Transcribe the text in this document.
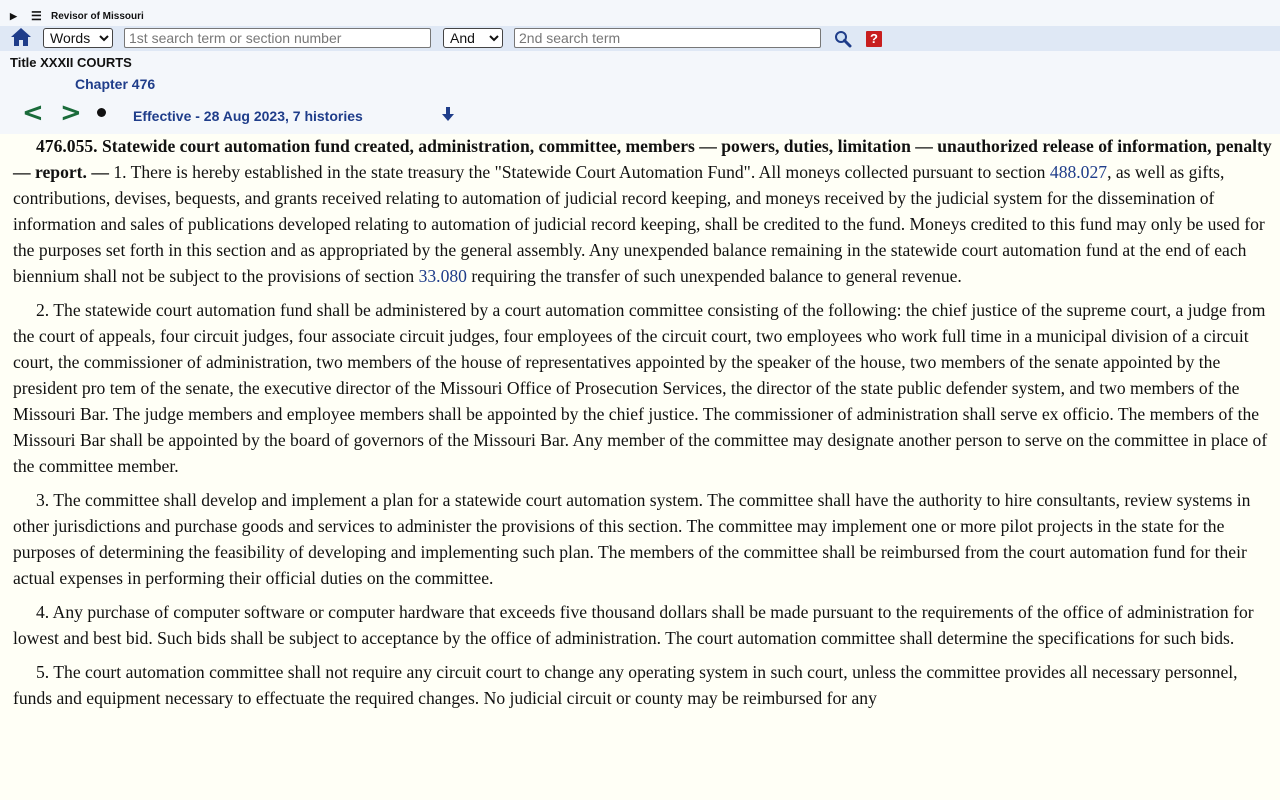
▶ ☰ Revisor of Missouri
Words
1st search term or section number
And
2nd search term
?
Title XXXII COURTS
Chapter 476
< >	Effective - 28 Aug 2023, 7 histories

476.055. Statewide court automation fund created, administration, committee, members — powers, duties, limitation — unauthorized release of information, penalty — report. — 1. There is hereby established in the state treasury the "Statewide Court Automation Fund". All moneys collected pursuant to section 488.027, as well as gifts, contributions, devises, bequests, and grants received relating to automation of judicial record keeping, and moneys received by the judicial system for the dissemination of information and sales of publications developed relating to automation of judicial record keeping, shall be credited to the fund. Moneys credited to this fund may only be used for the purposes set forth in this section and as appropriated by the general assembly. Any unexpended balance remaining in the statewide court automation fund at the end of each biennium shall not be subject to the provisions of section 33.080 requiring the transfer of such unexpended balance to general revenue.

2. The statewide court automation fund shall be administered by a court automation committee consisting of the following: the chief justice of the supreme court, a judge from the court of appeals, four circuit judges, four associate circuit judges, four employees of the circuit court, two employees who work full time in a municipal division of a circuit court, the commissioner of administration, two members of the house of representatives appointed by the speaker of the house, two members of the senate appointed by the president pro tem of the senate, the executive director of the Missouri Office of Prosecution Services, the director of the state public defender system, and two members of the Missouri Bar. The judge members and employee members shall be appointed by the chief justice. The commissioner of administration shall serve ex officio. The members of the Missouri Bar shall be appointed by the board of governors of the Missouri Bar. Any member of the committee may designate another person to serve on the committee in place of the committee member.

3. The committee shall develop and implement a plan for a statewide court automation system. The committee shall have the authority to hire consultants, review systems in other jurisdictions and purchase goods and services to administer the provisions of this section. The committee may implement one or more pilot projects in the state for the purposes of determining the feasibility of developing and implementing such plan. The members of the committee shall be reimbursed from the court automation fund for their actual expenses in performing their official duties on the committee.

4. Any purchase of computer software or computer hardware that exceeds five thousand dollars shall be made pursuant to the requirements of the office of administration for lowest and best bid. Such bids shall be subject to acceptance by the office of administration. The court automation committee shall determine the specifications for such bids.

5. The court automation committee shall not require any circuit court to change any operating system in such court, unless the committee provides all necessary personnel, funds and equipment necessary to effectuate the required changes. No judicial circuit or county may be reimbursed for any
